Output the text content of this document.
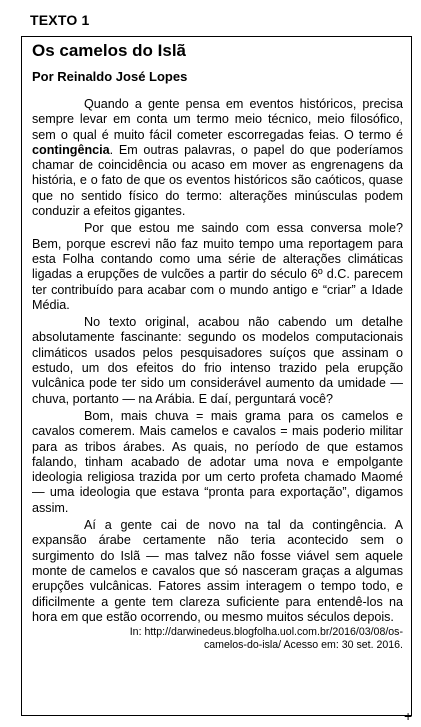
TEXTO 1
Os camelos do Islã
Por Reinaldo José Lopes

Quando a gente pensa em eventos históricos, precisa sempre levar em conta um termo meio técnico, meio filosófico, sem o qual é muito fácil cometer escorregadas feias. O termo é contingência. Em outras palavras, o papel do que poderíamos chamar de coincidência ou acaso em mover as engrenagens da história, e o fato de que os eventos históricos são caóticos, quase que no sentido físico do termo: alterações minúsculas podem conduzir a efeitos gigantes.

Por que estou me saindo com essa conversa mole? Bem, porque escrevi não faz muito tempo uma reportagem para esta Folha contando como uma série de alterações climáticas ligadas a erupções de vulcões a partir do século 6º d.C. parecem ter contribuído para acabar com o mundo antigo e “criar” a Idade Média.

No texto original, acabou não cabendo um detalhe absolutamente fascinante: segundo os modelos computacionais climáticos usados pelos pesquisadores suíços que assinam o estudo, um dos efeitos do frio intenso trazido pela erupção vulcânica pode ter sido um considerável aumento da umidade — chuva, portanto — na Arábia. E daí, perguntará você?

Bom, mais chuva = mais grama para os camelos e cavalos comerem. Mais camelos e cavalos = mais poderio militar para as tribos árabes. As quais, no período de que estamos falando, tinham acabado de adotar uma nova e empolgante ideologia religiosa trazida por um certo profeta chamado Maomé — uma ideologia que estava “pronta para exportação”, digamos assim.

Aí a gente cai de novo na tal da contingência. A expansão árabe certamente não teria acontecido sem o surgimento do Islã — mas talvez não fosse viável sem aquele monte de camelos e cavalos que só nasceram graças a algumas erupções vulcânicas. Fatores assim interagem o tempo todo, e dificilmente a gente tem clareza suficiente para entendê-los na hora em que estão ocorrendo, ou mesmo muitos séculos depois.

In: http://darwinedeus.blogfolha.uol.com.br/2016/03/08/os-camelos-do-isla/ Acesso em: 30 set. 2016.
+
